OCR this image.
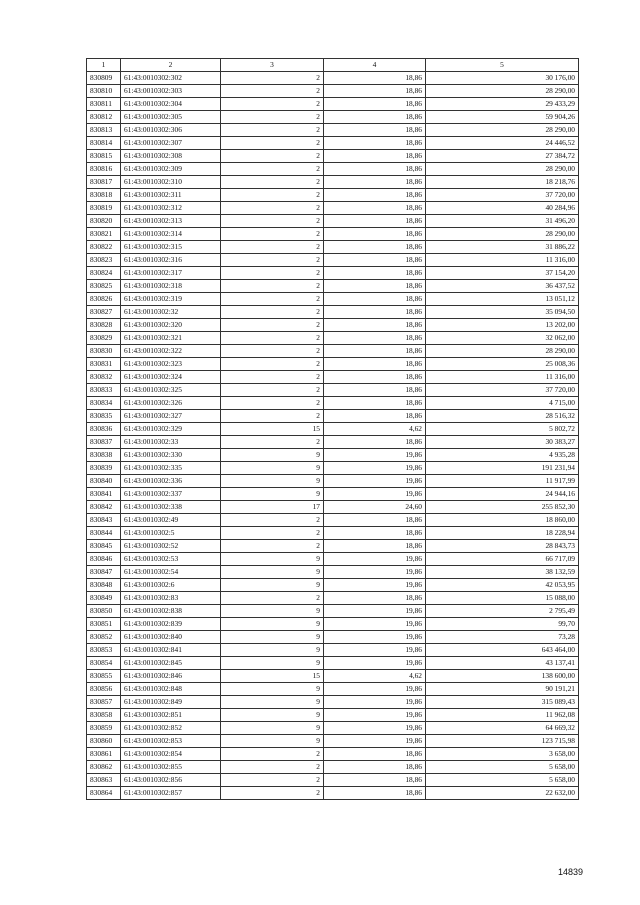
1	2	3	4	5
830809	61:43:0010302:302	2	18,86	30 176,00
830810	61:43:0010302:303	2	18,86	28 290,00
830811	61:43:0010302:304	2	18,86	29 433,29
830812	61:43:0010302:305	2	18,86	59 904,26
830813	61:43:0010302:306	2	18,86	28 290,00
830814	61:43:0010302:307	2	18,86	24 446,52
830815	61:43:0010302:308	2	18,86	27 384,72
830816	61:43:0010302:309	2	18,86	28 290,00
830817	61:43:0010302:310	2	18,86	18 218,76
830818	61:43:0010302:311	2	18,86	37 720,00
830819	61:43:0010302:312	2	18,86	40 284,96
830820	61:43:0010302:313	2	18,86	31 496,20
830821	61:43:0010302:314	2	18,86	28 290,00
830822	61:43:0010302:315	2	18,86	31 886,22
830823	61:43:0010302:316	2	18,86	11 316,00
830824	61:43:0010302:317	2	18,86	37 154,20
830825	61:43:0010302:318	2	18,86	36 437,52
830826	61:43:0010302:319	2	18,86	13 051,12
830827	61:43:0010302:32	2	18,86	35 094,50
830828	61:43:0010302:320	2	18,86	13 202,00
830829	61:43:0010302:321	2	18,86	32 062,00
830830	61:43:0010302:322	2	18,86	28 290,00
830831	61:43:0010302:323	2	18,86	25 008,36
830832	61:43:0010302:324	2	18,86	11 316,00
830833	61:43:0010302:325	2	18,86	37 720,00
830834	61:43:0010302:326	2	18,86	4 715,00
830835	61:43:0010302:327	2	18,86	28 516,32
830836	61:43:0010302:329	15	4,62	5 802,72
830837	61:43:0010302:33	2	18,86	30 383,27
830838	61:43:0010302:330	9	19,86	4 935,28
830839	61:43:0010302:335	9	19,86	191 231,94
830840	61:43:0010302:336	9	19,86	11 917,99
830841	61:43:0010302:337	9	19,86	24 944,16
830842	61:43:0010302:338	17	24,60	255 852,30
830843	61:43:0010302:49	2	18,86	18 860,00
830844	61:43:0010302:5	2	18,86	18 228,94
830845	61:43:0010302:52	2	18,86	28 843,73
830846	61:43:0010302:53	9	19,86	66 717,09
830847	61:43:0010302:54	9	19,86	38 132,59
830848	61:43:0010302:6	9	19,86	42 053,95
830849	61:43:0010302:83	2	18,86	15 088,00
830850	61:43:0010302:838	9	19,86	2 795,49
830851	61:43:0010302:839	9	19,86	99,70
830852	61:43:0010302:840	9	19,86	73,28
830853	61:43:0010302:841	9	19,86	643 464,00
830854	61:43:0010302:845	9	19,86	43 137,41
830855	61:43:0010302:846	15	4,62	138 600,00
830856	61:43:0010302:848	9	19,86	90 191,21
830857	61:43:0010302:849	9	19,86	315 089,43
830858	61:43:0010302:851	9	19,86	11 962,08
830859	61:43:0010302:852	9	19,86	64 669,32
830860	61:43:0010302:853	9	19,86	123 715,98
830861	61:43:0010302:854	2	18,86	3 658,00
830862	61:43:0010302:855	2	18,86	5 658,00
830863	61:43:0010302:856	2	18,86	5 658,00
830864	61:43:0010302:857	2	18,86	22 632,00
14839
